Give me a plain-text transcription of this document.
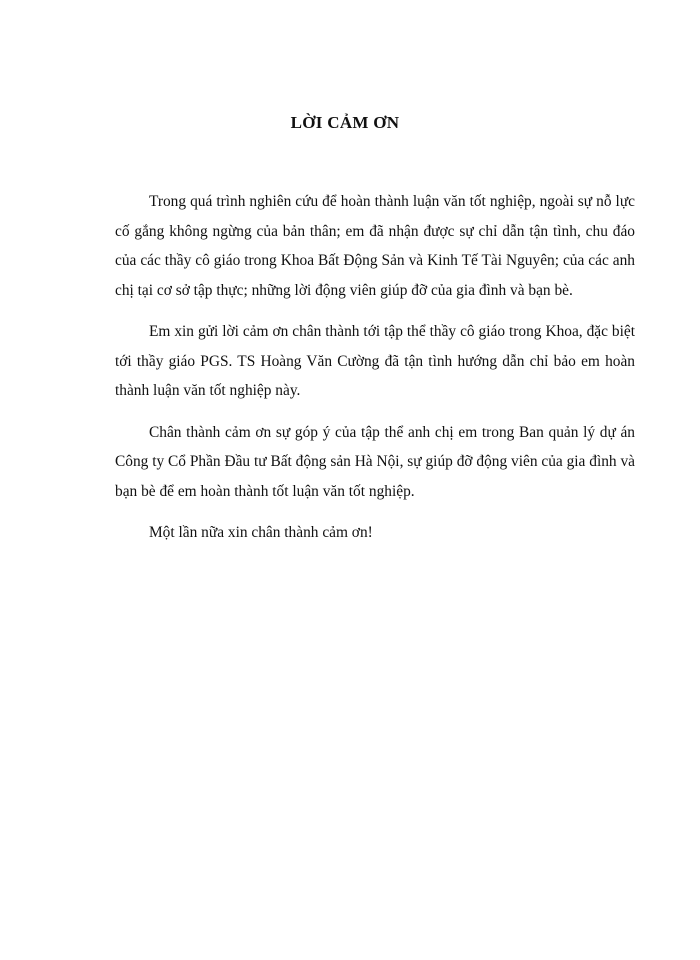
LỜI CẢM ƠN

Trong quá trình nghiên cứu để hoàn thành luận văn tốt nghiệp, ngoài sự nỗ lực cố gắng không ngừng của bản thân; em đã nhận được sự chỉ dẫn tận tình, chu đáo của các thầy cô giáo trong Khoa Bất Động Sản và Kinh Tế Tài Nguyên; của các anh chị tại cơ sở tập thực; những lời động viên giúp đỡ của gia đình và bạn bè.

Em xin gửi lời cảm ơn chân thành tới tập thể thầy cô giáo trong Khoa, đặc biệt tới thầy giáo PGS. TS Hoàng Văn Cường đã tận tình hướng dẫn chỉ bảo em hoàn thành luận văn tốt nghiệp này.

Chân thành cảm ơn sự góp ý của tập thể anh chị em trong Ban quản lý dự án Công ty Cổ Phần Đầu tư Bất động sản Hà Nội, sự giúp đỡ động viên của gia đình và bạn bè để em hoàn thành tốt luận văn tốt nghiệp.

Một lần nữa xin chân thành cảm ơn!
